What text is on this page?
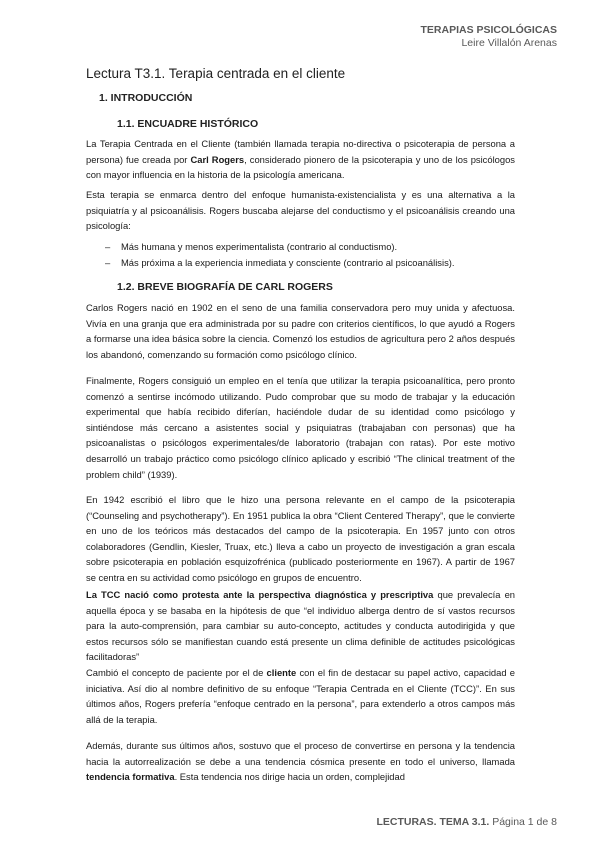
TERAPIAS PSICOLÓGICAS
Leire Villalón Arenas
Lectura T3.1. Terapia centrada en el cliente
1. INTRODUCCIÓN
1.1. ENCUADRE HISTÓRICO
La Terapia Centrada en el Cliente (también llamada terapia no-directiva o psicoterapia de persona a persona) fue creada por Carl Rogers, considerado pionero de la psicoterapia y uno de los psicólogos con mayor influencia en la historia de la psicología americana.
Esta terapia se enmarca dentro del enfoque humanista-existencialista y es una alternativa a la psiquiatría y al psicoanálisis. Rogers buscaba alejarse del conductismo y el psicoanálisis creando una psicología:
– Más humana y menos experimentalista (contrario al conductismo).
– Más próxima a la experiencia inmediata y consciente (contrario al psicoanálisis).
1.2. BREVE BIOGRAFÍA DE CARL ROGERS
Carlos Rogers nació en 1902 en el seno de una familia conservadora pero muy unida y afectuosa. Vivía en una granja que era administrada por su padre con criterios científicos, lo que ayudó a Rogers a formarse una idea básica sobre la ciencia. Comenzó los estudios de agricultura pero 2 años después los abandonó, comenzando su formación como psicólogo clínico.
Finalmente, Rogers consiguió un empleo en el tenía que utilizar la terapia psicoanalítica, pero pronto comenzó a sentirse incómodo utilizando. Pudo comprobar que su modo de trabajar y la educación experimental que había recibido diferían, haciéndole dudar de su identidad como psicólogo y sintiéndose más cercano a asistentes social y psiquiatras (trabajaban con personas) que ha psicoanalistas o psicólogos experimentales/de laboratorio (trabajan con ratas). Por este motivo desarrolló un trabajo práctico como psicólogo clínico aplicado y escribió “The clinical treatment of the problem child” (1939).
En 1942 escribió el libro que le hizo una persona relevante en el campo de la psicoterapia (“Counseling and psychotherapy”). En 1951 publica la obra “Client Centered Therapy”, que le convierte en uno de los teóricos más destacados del campo de la psicoterapia. En 1957 junto con otros colaboradores (Gendlin, Kiesler, Truax, etc.) lleva a cabo un proyecto de investigación a gran escala sobre psicoterapia en población esquizofrénica (publicado posteriormente en 1967). A partir de 1967 se centra en su actividad como psicólogo en grupos de encuentro.
La TCC nació como protesta ante la perspectiva diagnóstica y prescriptiva que prevalecía en aquella época y se basaba en la hipótesis de que “el individuo alberga dentro de sí vastos recursos para la auto-comprensión, para cambiar su auto-concepto, actitudes y conducta autodirigida y que estos recursos sólo se manifiestan cuando está presente un clima definible de actitudes psicológicas facilitadoras”
Cambió el concepto de paciente por el de cliente con el fin de destacar su papel activo, capacidad e iniciativa. Así dio al nombre definitivo de su enfoque “Terapia Centrada en el Cliente (TCC)”. En sus últimos años, Rogers prefería “enfoque centrado en la persona”, para extenderlo a otros campos más allá de la terapia.
Además, durante sus últimos años, sostuvo que el proceso de convertirse en persona y la tendencia hacia la autorrealización se debe a una tendencia cósmica presente en todo el universo, llamada tendencia formativa. Esta tendencia nos dirige hacia un orden, complejidad
LECTURAS. TEMA 3.1. Página 1 de 8
